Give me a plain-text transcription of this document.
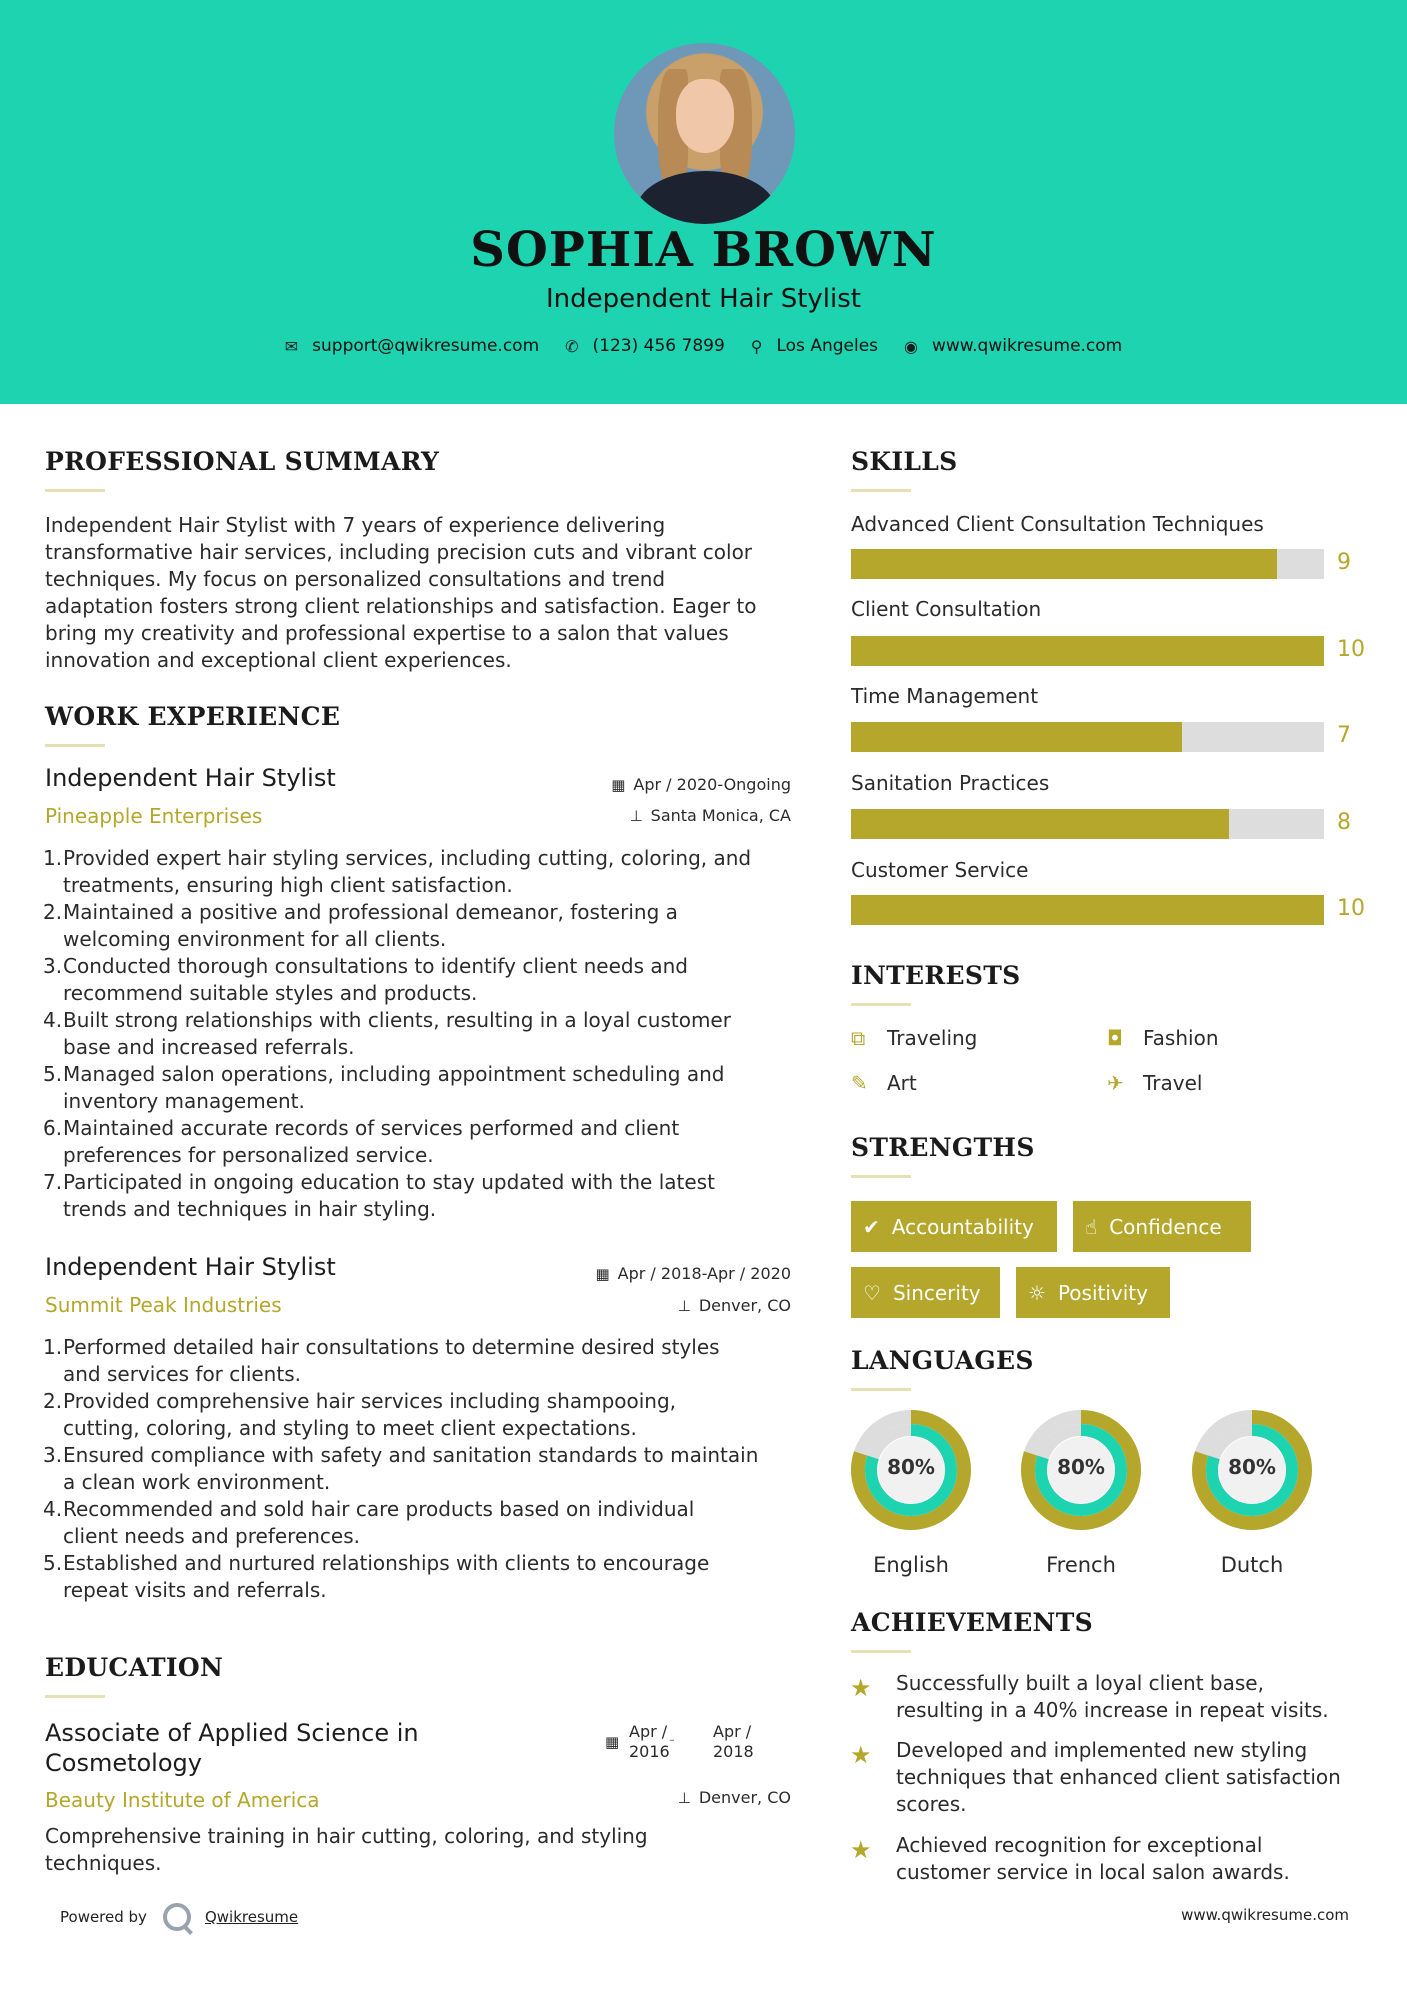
SOPHIA BROWN
Independent Hair Stylist
✉ support@qwikresume.com ✆ (123) 456 7899 ⚲ Los Angeles ◉ www.qwikresume.com
PROFESSIONAL SUMMARY
Independent Hair Stylist with 7 years of experience delivering
transformative hair services, including precision cuts and vibrant color
techniques. My focus on personalized consultations and trend
adaptation fosters strong client relationships and satisfaction. Eager to
bring my creativity and professional expertise to a salon that values
innovation and exceptional client experiences.
WORK EXPERIENCE
Independent Hair Stylist
Pineapple Enterprises
▦ Apr / 2020-Ongoing
⊥ Santa Monica, CA
1. Provided expert hair styling services, including cutting, coloring, and
treatments, ensuring high client satisfaction.
2. Maintained a positive and professional demeanor, fostering a
welcoming environment for all clients.
3. Conducted thorough consultations to identify client needs and
recommend suitable styles and products.
4. Built strong relationships with clients, resulting in a loyal customer
base and increased referrals.
5. Managed salon operations, including appointment scheduling and
inventory management.
6. Maintained accurate records of services performed and client
preferences for personalized service.
7. Participated in ongoing education to stay updated with the latest
trends and techniques in hair styling.
Independent Hair Stylist
Summit Peak Industries
▦ Apr / 2018-Apr / 2020
⊥ Denver, CO
1. Performed detailed hair consultations to determine desired styles
and services for clients.
2. Provided comprehensive hair services including shampooing,
cutting, coloring, and styling to meet client expectations.
3. Ensured compliance with safety and sanitation standards to maintain
a clean work environment.
4. Recommended and sold hair care products based on individual
client needs and preferences.
5. Established and nurtured relationships with clients to encourage
repeat visits and referrals.
EDUCATION
Associate of Applied Science in
Cosmetology
Beauty Institute of America
▦
Apr /
2016
- Apr /
2018
⊥ Denver, CO
Comprehensive training in hair cutting, coloring, and styling
techniques.
SKILLS
Advanced Client Consultation Techniques
9
Client Consultation
10
Time Management
7
Sanitation Practices
8
Customer Service
10
INTERESTS
⧉	Traveling	◘	Fashion
✎ Art	✈ Travel
STRENGTHS
✔ Accountability	☝ Confidence
♡ Sincerity ☼ Positivity
LANGUAGES
80%
English
80%
French
80%
Dutch
ACHIEVEMENTS
★ Successfully built a loyal client base,
resulting in a 40% increase in repeat visits.
★ Developed and implemented new styling
techniques that enhanced client satisfaction
scores.
★ Achieved recognition for exceptional
customer service in local salon awards.
Powered by	Qwikresume	www.qwikresume.com
